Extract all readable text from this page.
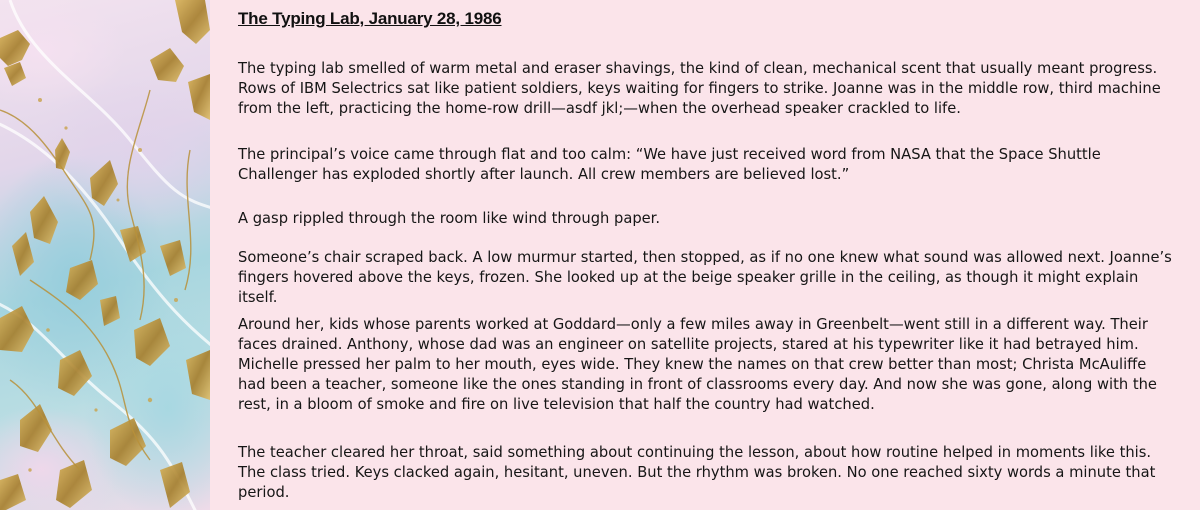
The Typing Lab, January 28, 1986

The typing lab smelled of warm metal and eraser shavings, the kind of clean, mechanical scent that usually meant progress. Rows of IBM Selectrics sat like patient soldiers, keys waiting for fingers to strike. Joanne was in the middle row, third machine from the left, practicing the home-row drill—asdf jkl;—when the overhead speaker crackled to life.

The principal’s voice came through flat and too calm: “We have just received word from NASA that the Space Shuttle Challenger has exploded shortly after launch. All crew members are believed lost.”

A gasp rippled through the room like wind through paper.

Someone’s chair scraped back. A low murmur started, then stopped, as if no one knew what sound was allowed next. Joanne’s fingers hovered above the keys, frozen. She looked up at the beige speaker grille in the ceiling, as though it might explain itself.

Around her, kids whose parents worked at Goddard—only a few miles away in Greenbelt—went still in a different way. Their faces drained. Anthony, whose dad was an engineer on satellite projects, stared at his typewriter like it had betrayed him. Michelle pressed her palm to her mouth, eyes wide. They knew the names on that crew better than most; Christa McAuliffe had been a teacher, someone like the ones standing in front of classrooms every day. And now she was gone, along with the rest, in a bloom of smoke and fire on live television that half the country had watched.

The teacher cleared her throat, said something about continuing the lesson, about how routine helped in moments like this. The class tried. Keys clacked again, hesitant, uneven. But the rhythm was broken. No one reached sixty words a minute that period.
